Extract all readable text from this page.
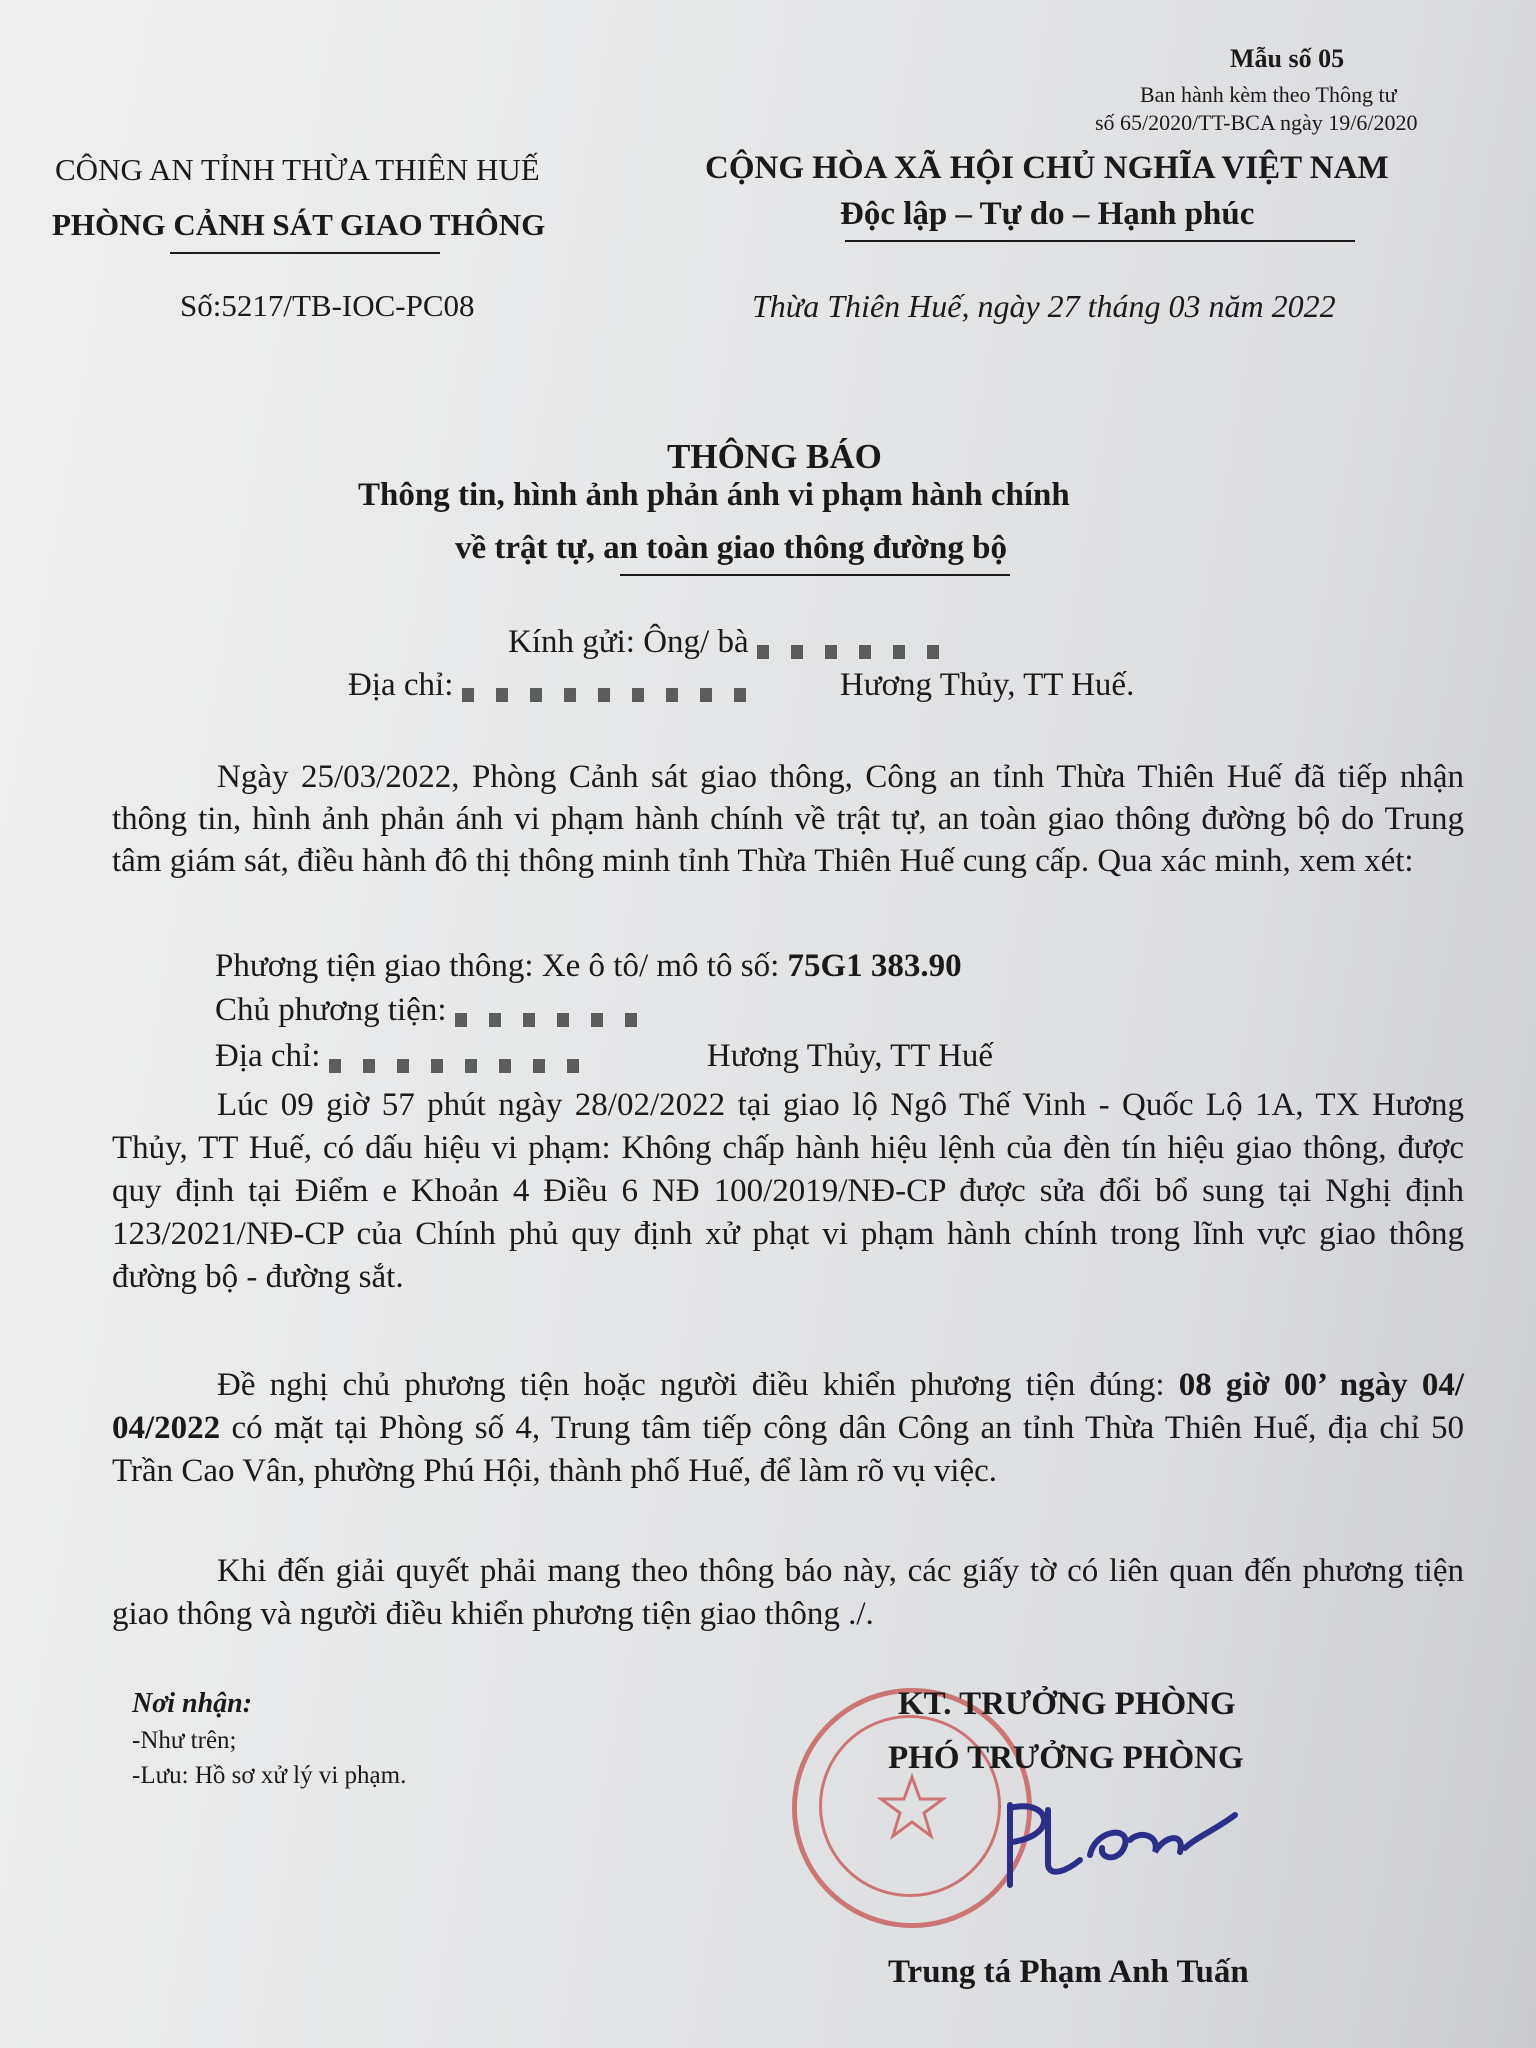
Mẫu số 05
Ban hành kèm theo Thông tư
số 65/2020/TT-BCA ngày 19/6/2020
CÔNG AN TỈNH THỪA THIÊN HUẾ
PHÒNG CẢNH SÁT GIAO THÔNG
Số:5217/TB-IOC-PC08
CỘNG HÒA XÃ HỘI CHỦ NGHĨA VIỆT NAM
Độc lập – Tự do – Hạnh phúc
Thừa Thiên Huế, ngày 27 tháng 03 năm 2022
THÔNG BÁO
Thông tin, hình ảnh phản ánh vi phạm hành chính
về trật tự, an toàn giao thông đường bộ
Kính gửi: Ông/ bà
Địa chỉ:	Hương Thủy, TT Huế.
Ngày 25/03/2022, Phòng Cảnh sát giao thông, Công an tỉnh Thừa Thiên Huế đã tiếp nhận thông tin, hình ảnh phản ánh vi phạm hành chính về trật tự, an toàn giao thông đường bộ do Trung tâm giám sát, điều hành đô thị thông minh tỉnh Thừa Thiên Huế cung cấp. Qua xác minh, xem xét:
Phương tiện giao thông: Xe ô tô/ mô tô số: 75G1 383.90
Chủ phương tiện:
Địa chỉ:	Hương Thủy, TT Huế
Lúc 09 giờ 57 phút ngày 28/02/2022 tại giao lộ Ngô Thế Vinh - Quốc Lộ 1A, TX Hương Thủy, TT Huế, có dấu hiệu vi phạm: Không chấp hành hiệu lệnh của đèn tín hiệu giao thông, được quy định tại Điểm e Khoản 4 Điều 6 NĐ 100/2019/NĐ-CP được sửa đổi bổ sung tại Nghị định 123/2021/NĐ-CP của Chính phủ quy định xử phạt vi phạm hành chính trong lĩnh vực giao thông đường bộ - đường sắt.
Đề nghị chủ phương tiện hoặc người điều khiển phương tiện đúng: 08 giờ 00’ ngày 04/ 04/2022 có mặt tại Phòng số 4, Trung tâm tiếp công dân Công an tỉnh Thừa Thiên Huế, địa chỉ 50 Trần Cao Vân, phường Phú Hội, thành phố Huế, để làm rõ vụ việc.
Khi đến giải quyết phải mang theo thông báo này, các giấy tờ có liên quan đến phương tiện giao thông và người điều khiển phương tiện giao thông ./.
Nơi nhận:
-Như trên;
-Lưu: Hồ sơ xử lý vi phạm.
KT. TRƯỞNG PHÒNG
PHÓ TRƯỞNG PHÒNG
Trung tá Phạm Anh Tuấn
